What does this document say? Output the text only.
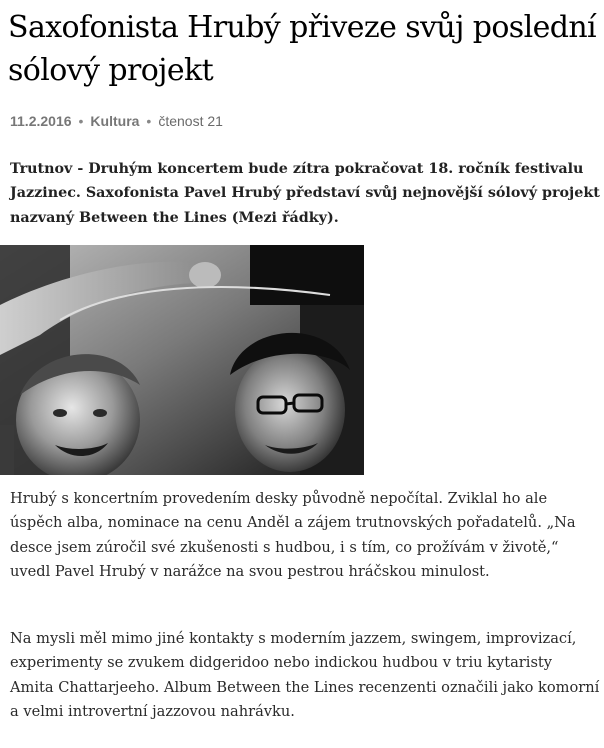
Saxofonista Hrubý přiveze svůj poslední sólový projekt
11.2.2016 • Kultura • čtenost 21

Trutnov - Druhým koncertem bude zítra pokračovat 18. ročník festivalu Jazzinec. Saxofonista Pavel Hrubý představí svůj nejnovější sólový projekt nazvaný Between the Lines (Mezi řádky).

Hrubý s koncertním provedením desky původně nepočítal. Zviklal ho ale úspěch alba, nominace na cenu Anděl a zájem trutnovských pořadatelů. „Na desce jsem zúročil své zkušenosti s hudbou, i s tím, co prožívám v životě,“ uvedl Pavel Hrubý v narážce na svou pestrou hráčskou minulost.

Na mysli měl mimo jiné kontakty s moderním jazzem, swingem, improvizací, experimenty se zvukem didgeridoo nebo indickou hudbou v triu kytaristy Amita Chattarjeeho. Album Between the Lines recenzenti označili jako komorní a velmi introvertní jazzovou nahrávku.
